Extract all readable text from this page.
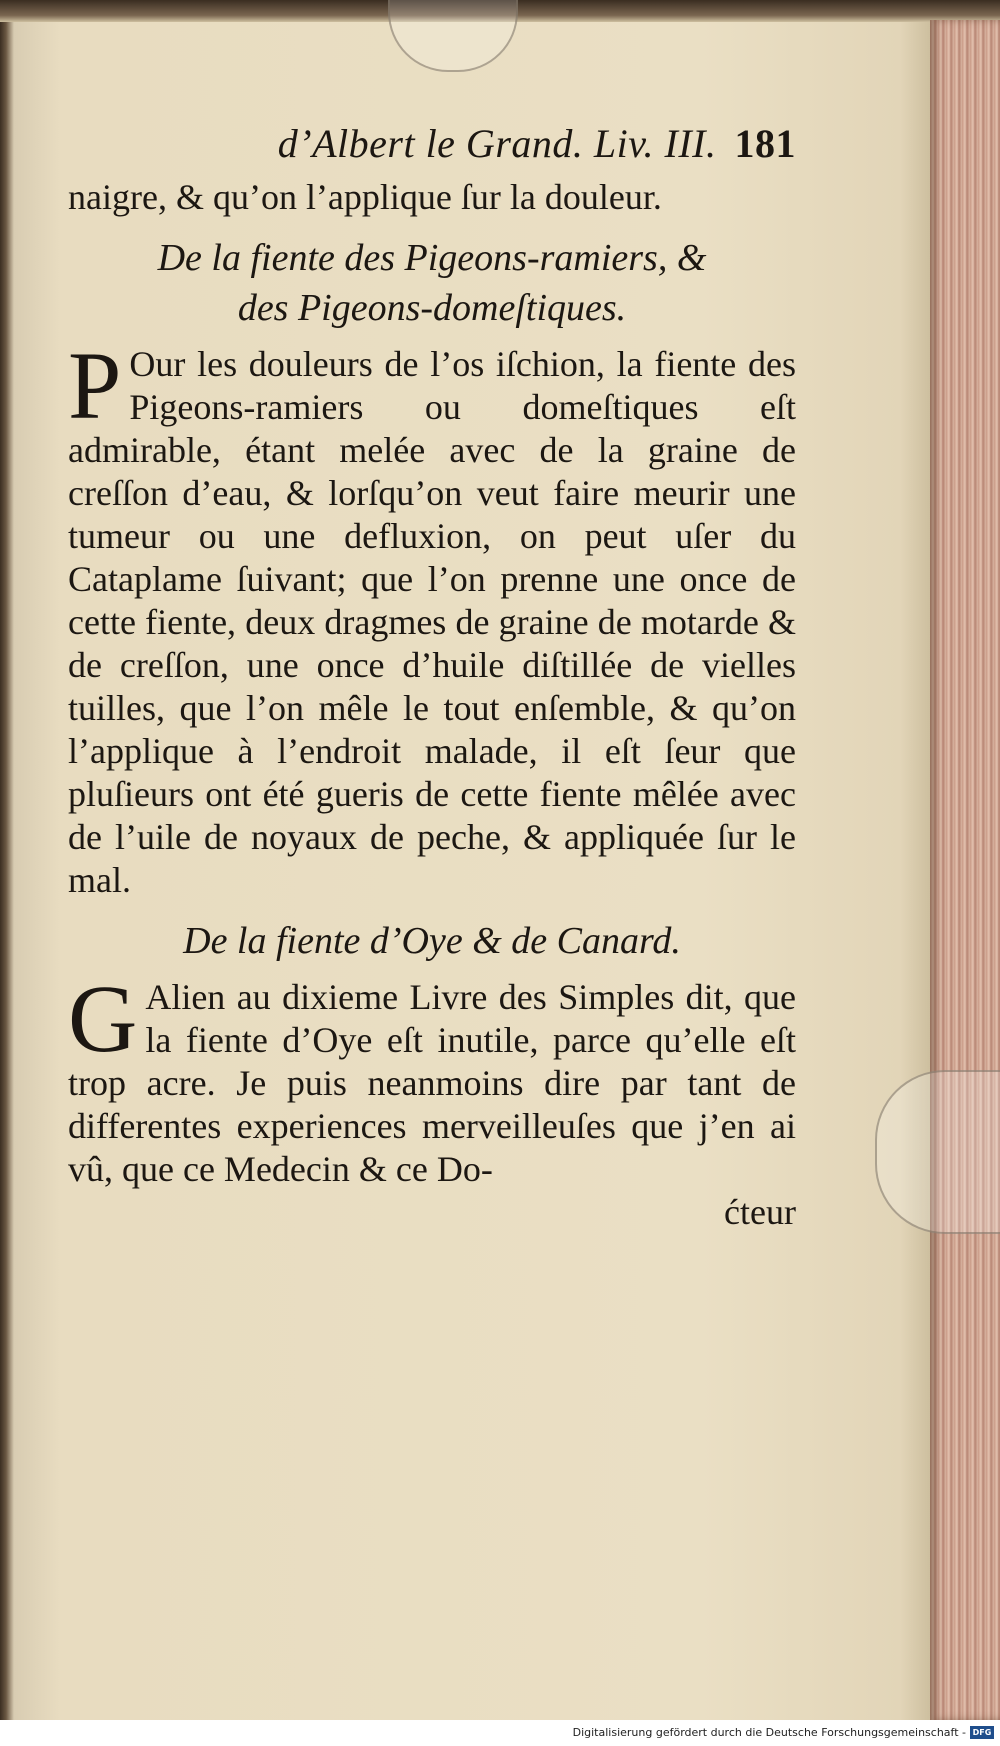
d’Albert le Grand. Liv. III. 181

naigre, & qu’on l’applique ſur la douleur.

De la fiente des Pigeons-ramiers, &
des Pigeons-domeſtiques.

P Our les douleurs de l’os iſchion, la fiente des Pigeons-ramiers ou domeſtiques eſt admirable, étant melée avec de la graine de creſſon d’eau, & lorſqu’on veut faire meurir une tumeur ou une defluxion, on peut uſer du Cataplame ſuivant; que l’on prenne une once de cette fiente, deux dragmes de graine de motarde & de creſſon, une once d’huile diſtillée de vielles tuilles, que l’on mêle le tout enſemble, & qu’on l’applique à l’endroit malade, il eſt ſeur que pluſieurs ont été gueris de cette fiente mêlée avec de l’uile de noyaux de peche, & appliquée ſur le mal.

De la fiente d’Oye & de Canard.

G Alien au dixieme Livre des Simples dit, que la fiente d’Oye eſt inutile, parce qu’elle eſt trop acre. Je puis neanmoins dire par tant de differentes experiences merveilleuſes que j’en ai vû, que ce Medecin & ce Do-

ćteur
Digitalisierung gefördert durch die Deutsche Forschungsgemeinschaft - DFG
